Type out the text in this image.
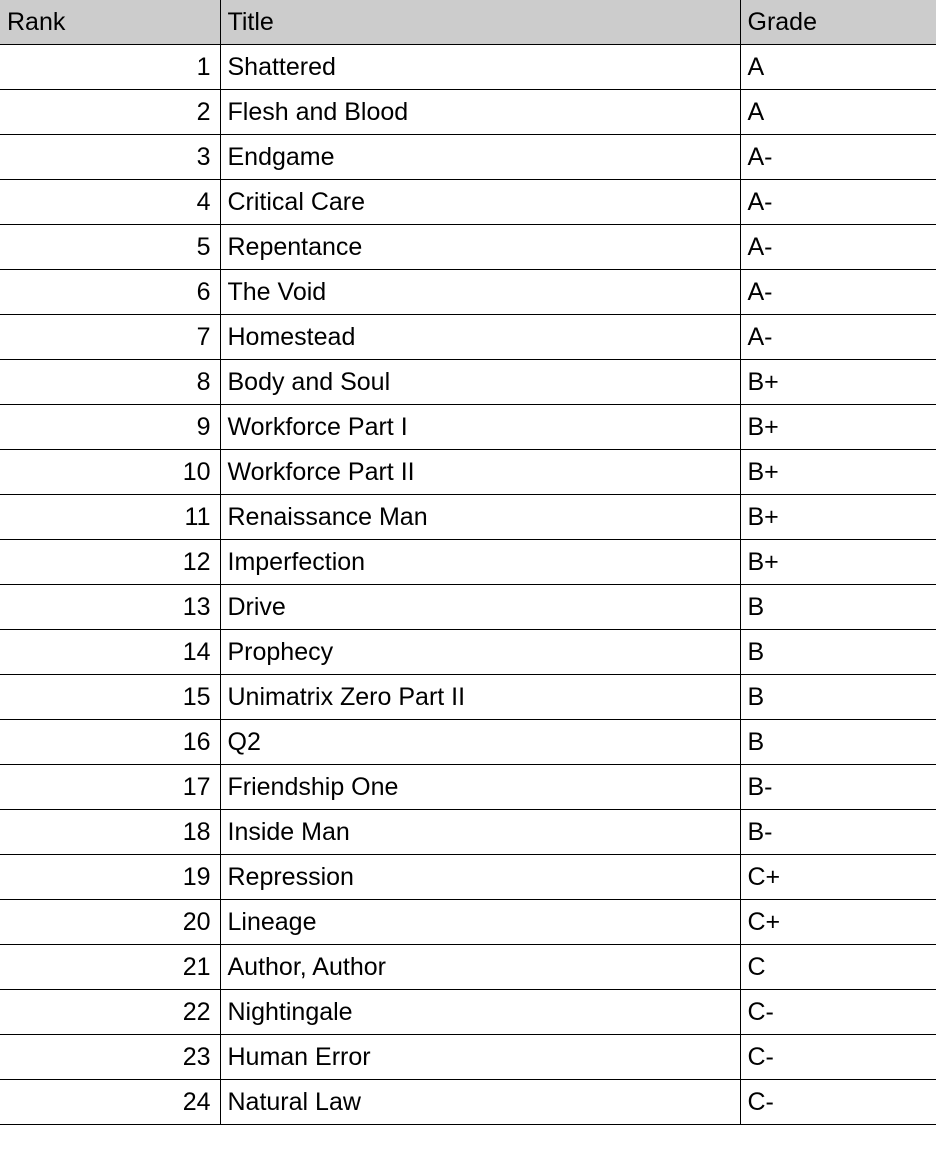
Rank	Title	Grade
1	Shattered	A
2	Flesh and Blood	A
3	Endgame	A-
4	Critical Care	A-
5	Repentance	A-
6	The Void	A-
7	Homestead	A-
8	Body and Soul	B+
9	Workforce Part I	B+
10	Workforce Part II	B+
11	Renaissance Man	B+
12	Imperfection	B+
13	Drive	B
14	Prophecy	B
15	Unimatrix Zero Part II	B
16	Q2	B
17	Friendship One	B-
18	Inside Man	B-
19	Repression	C+
20	Lineage	C+
21	Author, Author	C
22	Nightingale	C-
23	Human Error	C-
24	Natural Law	C-
